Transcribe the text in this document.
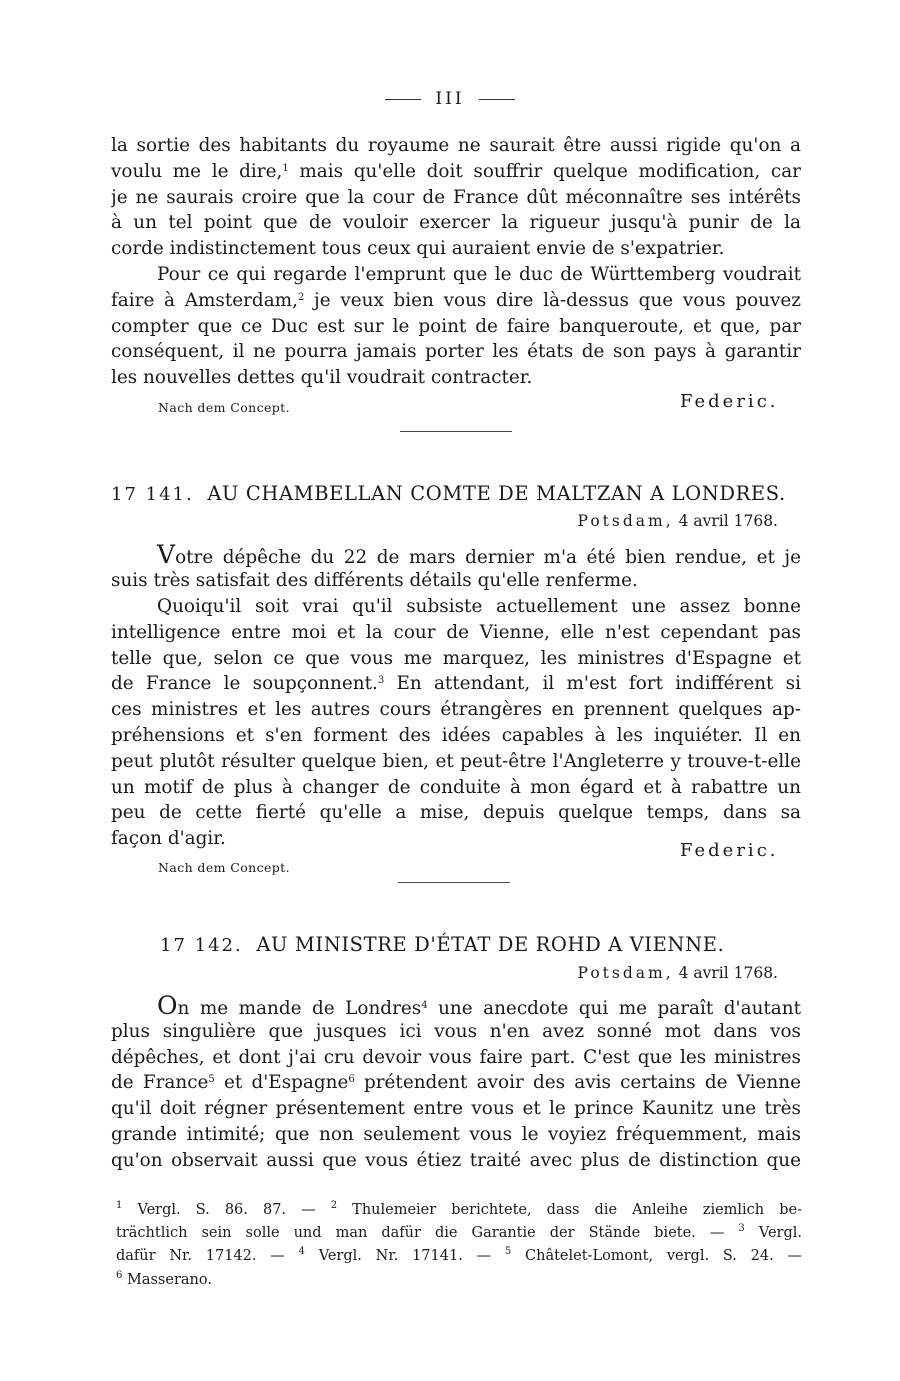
III
la sortie des habitants du royaume ne saurait être aussi rigide qu'on a
voulu me le dire,$^1$ mais qu'elle doit souffrir quelque modification, car
je ne saurais croire que la cour de France dût méconnaître ses intérêts
à un tel point que de vouloir exercer la rigueur jusqu'à punir de la
corde indistinctement tous ceux qui auraient envie de s'expatrier.
Pour ce qui regarde l'emprunt que le duc de Württemberg voudrait
faire à Amsterdam,$^2$ je veux bien vous dire là-dessus que vous pouvez
compter que ce Duc est sur le point de faire banqueroute, et que, par
conséquent, il ne pourra jamais porter les états de son pays à garantir
les nouvelles dettes qu'il voudrait contracter.
Nach dem Concept.	Federic.
17 141. AU CHAMBELLAN COMTE DE MALTZAN A LONDRES.
Potsdam, 4 avril 1768.
Votre dépêche du 22 de mars dernier m'a été bien rendue, et je
suis très satisfait des différents détails qu'elle renferme.
Quoiqu'il soit vrai qu'il subsiste actuellement une assez bonne
intelligence entre moi et la cour de Vienne, elle n'est cependant pas
telle que, selon ce que vous me marquez, les ministres d'Espagne et
de France le soupçonnent.$^3$ En attendant, il m'est fort indifférent si
ces ministres et les autres cours étrangères en prennent quelques ap-
préhensions et s'en forment des idées capables à les inquiéter. Il en
peut plutôt résulter quelque bien, et peut-être l'Angleterre y trouve-t-elle
un motif de plus à changer de conduite à mon égard et à rabattre un
peu de cette fierté qu'elle a mise, depuis quelque temps, dans sa
façon d'agir.
Nach dem Concept.
Federic.
17 142. AU MINISTRE D'ÉTAT DE ROHD A VIENNE.
Potsdam, 4 avril 1768.
On me mande de Londres$^4$ une anecdote qui me paraît d'autant
plus singulière que jusques ici vous n'en avez sonné mot dans vos
dépêches, et dont j'ai cru devoir vous faire part. C'est que les ministres
de France$^5$ et d'Espagne$^6$ prétendent avoir des avis certains de Vienne
qu'il doit régner présentement entre vous et le prince Kaunitz une très
grande intimité; que non seulement vous le voyiez fréquemment, mais
qu'on observait aussi que vous étiez traité avec plus de distinction que
$^1$ Vergl. S. 86. 87. — $^2$ Thulemeier berichtete, dass die Anleihe ziemlich be-
trächtlich sein solle und man dafür die Garantie der Stände biete. — $^3$ Vergl.
dafür Nr. 17142. — $^4$ Vergl. Nr. 17141. — $^5$ Châtelet-Lomont, vergl. S. 24. —
$^6$ Masserano.
